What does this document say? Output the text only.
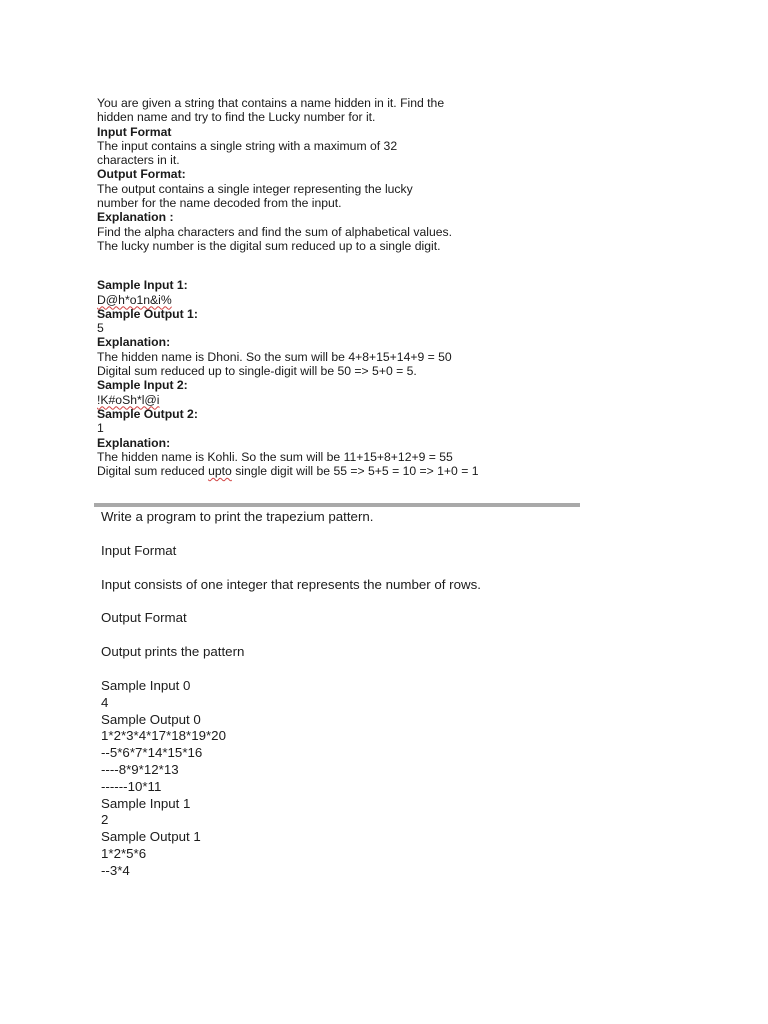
You are given a string that contains a name hidden in it. Find the
hidden name and try to find the Lucky number for it.
Input Format
The input contains a single string with a maximum of 32
characters in it.
Output Format:
The output contains a single integer representing the lucky
number for the name decoded from the input.
Explanation :
Find the alpha characters and find the sum of alphabetical values.
The lucky number is the digital sum reduced up to a single digit.
Sample Input 1:
D@h*o1n&i%
Sample Output 1:
5
Explanation:
The hidden name is Dhoni. So the sum will be 4+8+15+14+9 = 50
Digital sum reduced up to single-digit will be 50 => 5+0 = 5.
Sample Input 2:
!K#oSh*l@i
Sample Output 2:
1
Explanation:
The hidden name is Kohli. So the sum will be 11+15+8+12+9 = 55
Digital sum reduced upto single digit will be 55 => 5+5 = 10 => 1+0 = 1
Write a program to print the trapezium pattern.
Input Format
Input consists of one integer that represents the number of rows.
Output Format
Output prints the pattern
Sample Input 0
4
Sample Output 0
1*2*3*4*17*18*19*20
--5*6*7*14*15*16
----8*9*12*13
------10*11
Sample Input 1
2
Sample Output 1
1*2*5*6
--3*4
